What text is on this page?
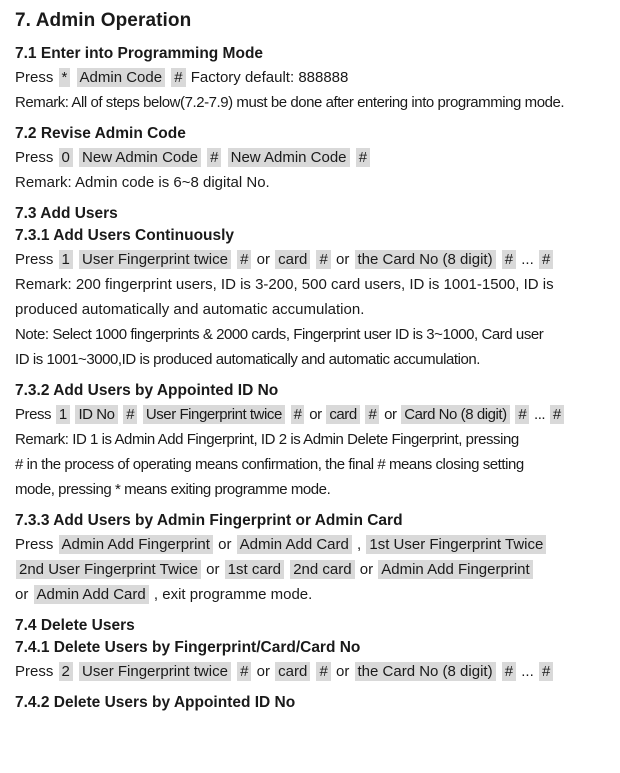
7. Admin Operation
7.1 Enter into Programming Mode

Press * Admin Code # Factory default: 888888

Remark: All of steps below(7.2-7.9) must be done after entering into programming mode.

7.2 Revise Admin Code

Press 0 New Admin Code # New Admin Code #

Remark: Admin code is 6~8 digital No.

7.3 Add Users
7.3.1 Add Users Continuously

Press 1 User Fingerprint twice # or card # or the Card No (8 digit) # ... #

Remark: 200 fingerprint users, ID is 3-200, 500 card users, ID is 1001-1500, ID is

produced automatically and automatic accumulation.

Note: Select 1000 fingerprints & 2000 cards, Fingerprint user ID is 3~1000, Card user

ID is 1001~3000,ID is produced automatically and automatic accumulation.

7.3.2 Add Users by Appointed ID No

Press 1 ID No # User Fingerprint twice # or card # or Card No (8 digit) # ... #

Remark: ID 1 is Admin Add Fingerprint, ID 2 is Admin Delete Fingerprint, pressing

# in the process of operating means confirmation, the final # means closing setting

mode, pressing * means exiting programme mode.

7.3.3 Add Users by Admin Fingerprint or Admin Card

Press Admin Add Fingerprint or Admin Add Card , 1st User Fingerprint Twice

2nd User Fingerprint Twice or 1st card 2nd card or Admin Add Fingerprint

or Admin Add Card , exit programme mode.

7.4 Delete Users
7.4.1 Delete Users by Fingerprint/Card/Card No

Press 2 User Fingerprint twice # or card # or the Card No (8 digit) # ... #

7.4.2 Delete Users by Appointed ID No
